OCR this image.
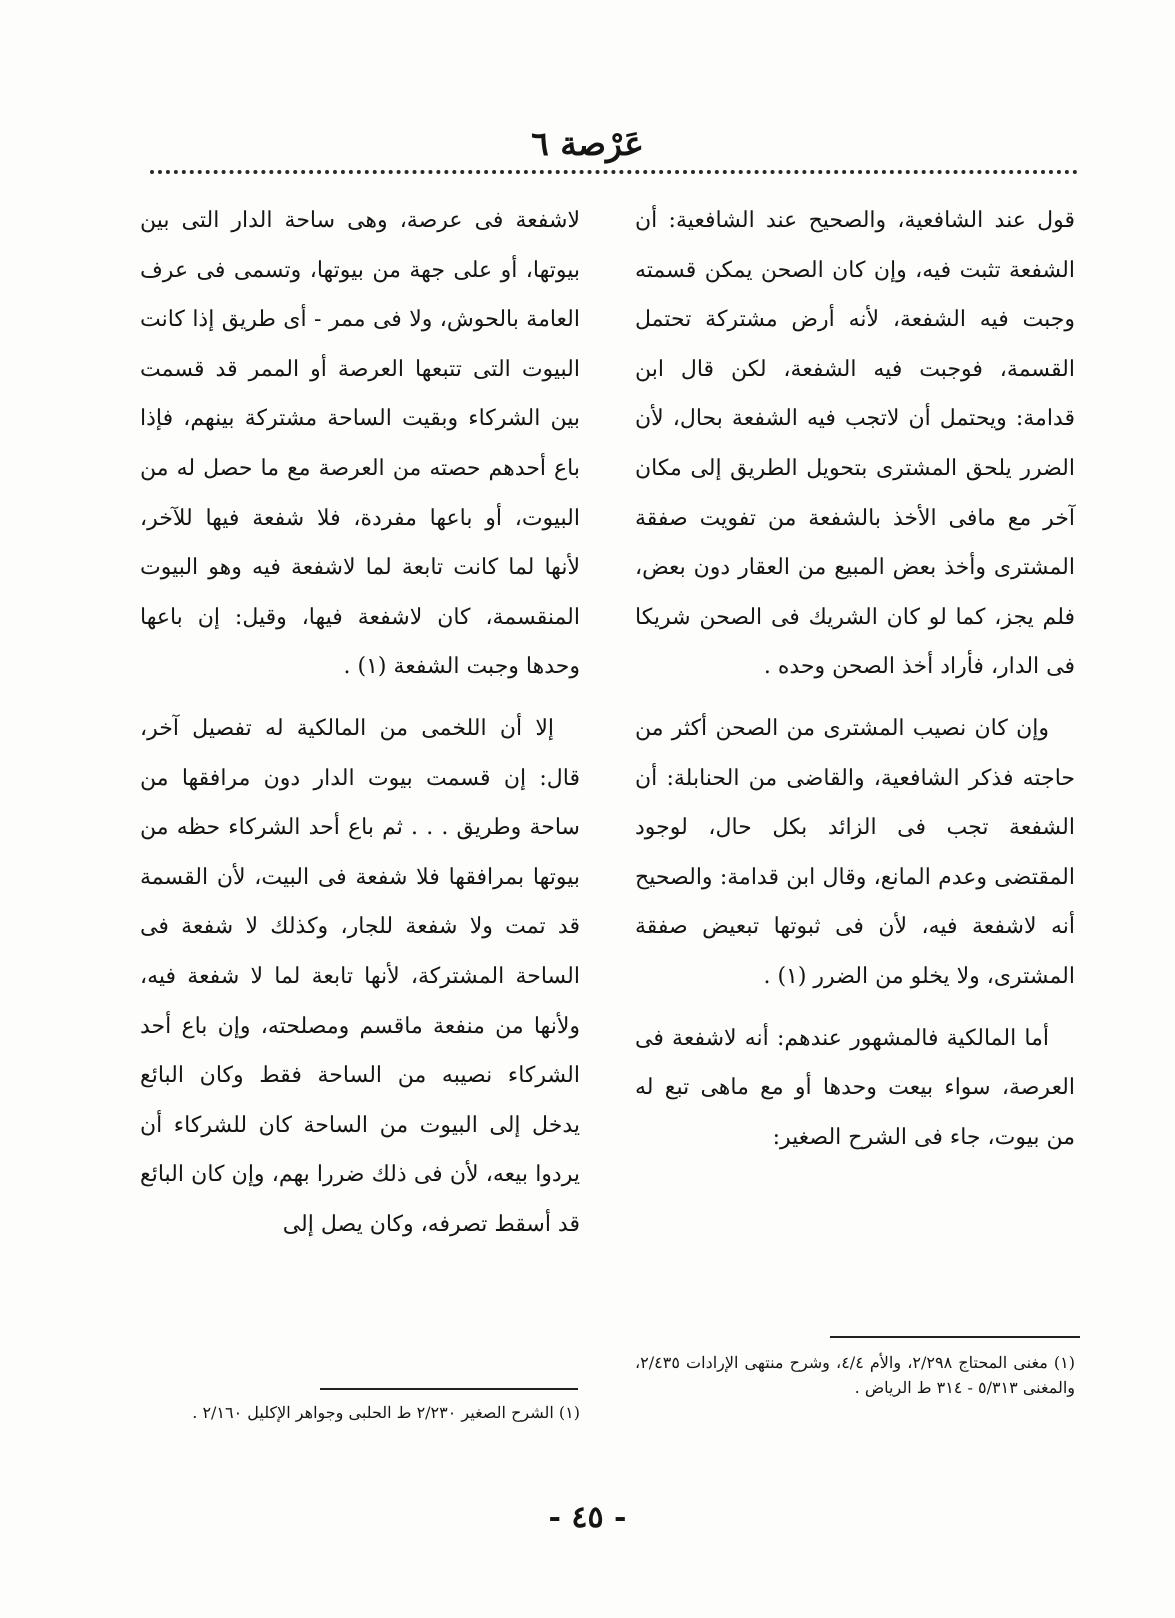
عَرْصة ٦

قول عند الشافعية، والصحيح عند الشافعية: أن الشفعة تثبت فيه، وإن كان الصحن يمكن قسمته وجبت فيه الشفعة، لأنه أرض مشتركة تحتمل القسمة، فوجبت فيه الشفعة، لكن قال ابن قدامة: ويحتمل أن لاتجب فيه الشفعة بحال، لأن الضرر يلحق المشترى بتحويل الطريق إلى مكان آخر مع مافى الأخذ بالشفعة من تفويت صفقة المشترى وأخذ بعض المبيع من العقار دون بعض، فلم يجز، كما لو كان الشريك فى الصحن شريكا فى الدار، فأراد أخذ الصحن وحده .

وإن كان نصيب المشترى من الصحن أكثر من حاجته فذكر الشافعية، والقاضى من الحنابلة: أن الشفعة تجب فى الزائد بكل حال، لوجود المقتضى وعدم المانع، وقال ابن قدامة: والصحيح أنه لاشفعة فيه، لأن فى ثبوتها تبعيض صفقة المشترى، ولا يخلو من الضرر (١) .

أما المالكية فالمشهور عندهم: أنه لاشفعة فى العرصة، سواء بيعت وحدها أو مع ماهى تبع له من بيوت، جاء فى الشرح الصغير:

لاشفعة فى عرصة، وهى ساحة الدار التى بين بيوتها، أو على جهة من بيوتها، وتسمى فى عرف العامة بالحوش، ولا فى ممر - أى طريق إذا كانت البيوت التى تتبعها العرصة أو الممر قد قسمت بين الشركاء وبقيت الساحة مشتركة بينهم، فإذا باع أحدهم حصته من العرصة مع ما حصل له من البيوت، أو باعها مفردة، فلا شفعة فيها للآخر، لأنها لما كانت تابعة لما لاشفعة فيه وهو البيوت المنقسمة، كان لاشفعة فيها، وقيل: إن باعها وحدها وجبت الشفعة (١) .

إلا أن اللخمى من المالكية له تفصيل آخر، قال: إن قسمت بيوت الدار دون مرافقها من ساحة وطريق . . . ثم باع أحد الشركاء حظه من بيوتها بمرافقها فلا شفعة فى البيت، لأن القسمة قد تمت ولا شفعة للجار، وكذلك لا شفعة فى الساحة المشتركة، لأنها تابعة لما لا شفعة فيه، ولأنها من منفعة ماقسم ومصلحته، وإن باع أحد الشركاء نصيبه من الساحة فقط وكان البائع يدخل إلى البيوت من الساحة كان للشركاء أن يردوا بيعه، لأن فى ذلك ضررا بهم، وإن كان البائع قد أسقط تصرفه، وكان يصل إلى

(١) مغنى المحتاج ٢/٢٩٨، والأم ٤/٤، وشرح منتهى الإرادات ٢/٤٣٥، والمغنى ٥/٣١٣ - ٣١٤ ط الرياض .
(١) الشرح الصغير ٢/٢٣٠ ط الحلبى وجواهر الإكليل ٢/١٦٠ .
- ٤٥ -
